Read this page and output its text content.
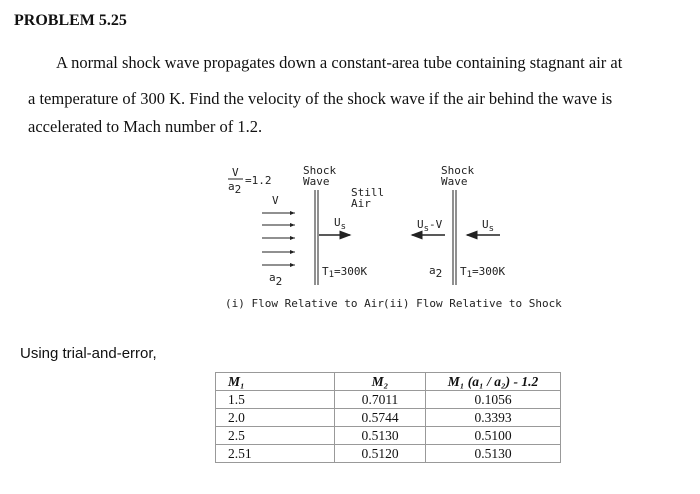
PROBLEM 5.25
A normal shock wave propagates down a constant-area tube containing stagnant air at
a temperature of 300 K. Find the velocity of the shock wave if the air behind the wave is
accelerated to Mach number of 1.2.
V
a2
=1.2
Shock
Wave
Still
Air
V
$U_s$
T1=300K
a2
(i) Flow Relative to Air
Shock
Wave
$U_s-V$	$U_s$
a2 T1=300K
(ii) Flow Relative to Shock
Using trial-and-error,
M₁	M₂	M₁ (a₁ / a₂) - 1.2
1.5	0.7011	0.1056
2.0	0.5744	0.3393
2.5	0.5130	0.5100
2.51	0.5120	0.5130
